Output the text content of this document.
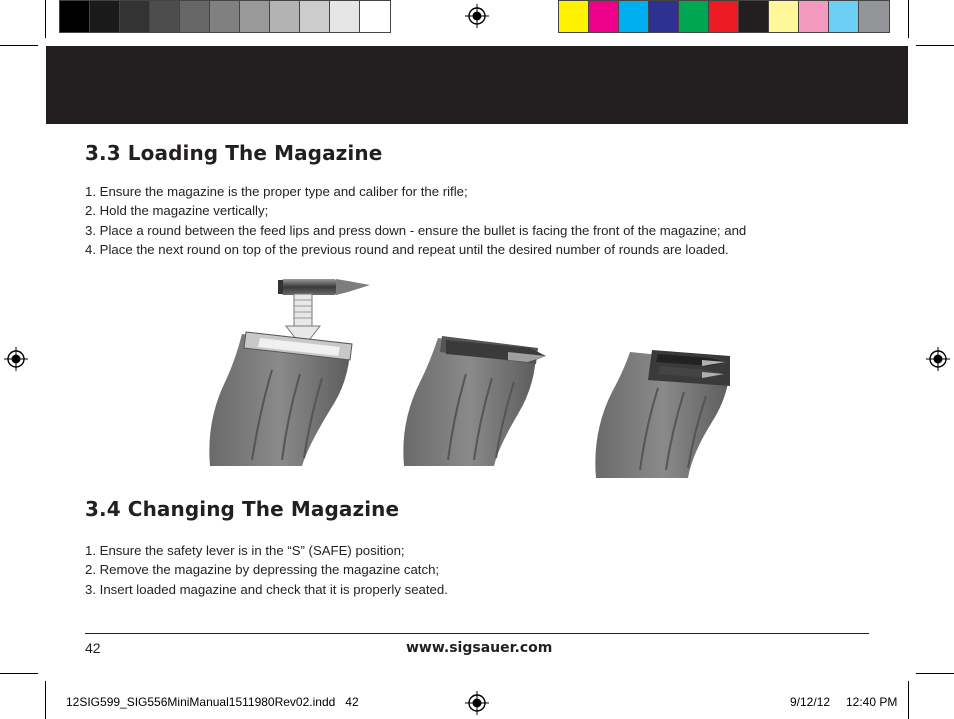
3.3 Loading The Magazine
1. Ensure the magazine is the proper type and caliber for the rifle;
2. Hold the magazine vertically;
3. Place a round between the feed lips and press down - ensure the bullet is facing the front of the magazine; and
4. Place the next round on top of the previous round and repeat until the desired number of rounds are loaded.
3.4 Changing The Magazine
1. Ensure the safety lever is in the “S” (SAFE) position;
2. Remove the magazine by depressing the magazine catch;
3. Insert loaded magazine and check that it is properly seated.
42	www.sigsauer.com
12SIG599_SIG556MiniManual1511980Rev02.indd   42	9/12/12 12:40 PM
